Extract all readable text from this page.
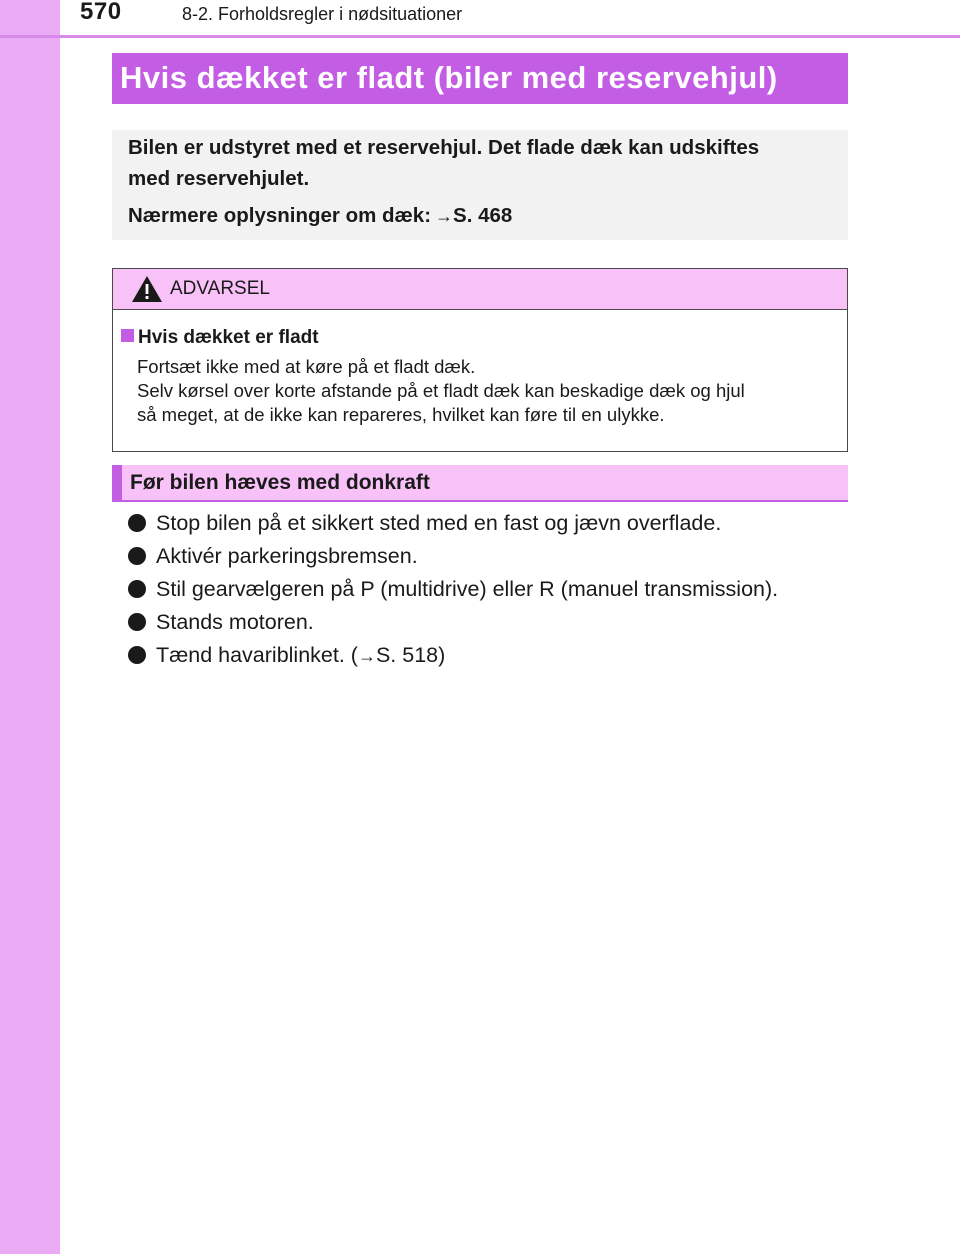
570	8-2. Forholdsregler i nødsituationer
Hvis dækket er fladt (biler med reservehjul)
Bilen er udstyret med et reservehjul. Det flade dæk kan udskiftes
med reservehjulet.
Nærmere oplysninger om dæk: →S. 468
ADVARSEL
Hvis dækket er fladt
Fortsæt ikke med at køre på et fladt dæk.
Selv kørsel over korte afstande på et fladt dæk kan beskadige dæk og hjul
så meget, at de ikke kan repareres, hvilket kan føre til en ulykke.
Før bilen hæves med donkraft
Stop bilen på et sikkert sted med en fast og jævn overflade.
Aktivér parkeringsbremsen.
Stil gearvælgeren på P (multidrive) eller R (manuel transmission).
Stands motoren.
Tænd havariblinket. (→S. 518)
